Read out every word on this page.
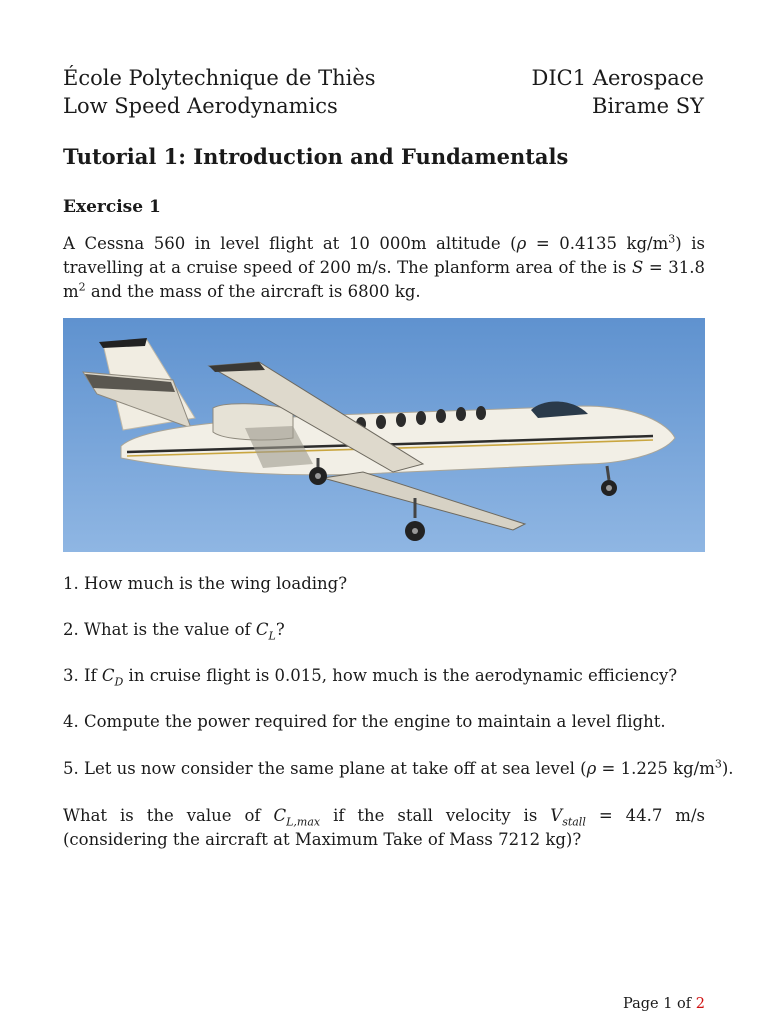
École Polytechnique de Thiès
Low Speed Aerodynamics
DIC1 Aerospace
Birame SY
Tutorial 1: Introduction and Fundamentals
Exercise 1
A Cessna 560 in level flight at 10 000m altitude (ρ = 0.4135 $kg/m^3$) is travelling at a cruise speed of 200 m/s. The planform area of the is S = 31.8 $m^2$ and the mass of the aircraft is 6800 kg.
1. How much is the wing loading?
2. What is the value of $C_L$?
3. If $C_D$ in cruise flight is 0.015, how much is the aerodynamic efficiency?
4. Compute the power required for the engine to maintain a level flight.
5. Let us now consider the same plane at take off at sea level (ρ = 1.225 $kg/m^3$).
What is the value of $C_{L,max}$ if the stall velocity is $V_{stall} = 44.7$ m/s (considering the aircraft at Maximum Take of Mass 7212 kg)?
Page 1 of 2
